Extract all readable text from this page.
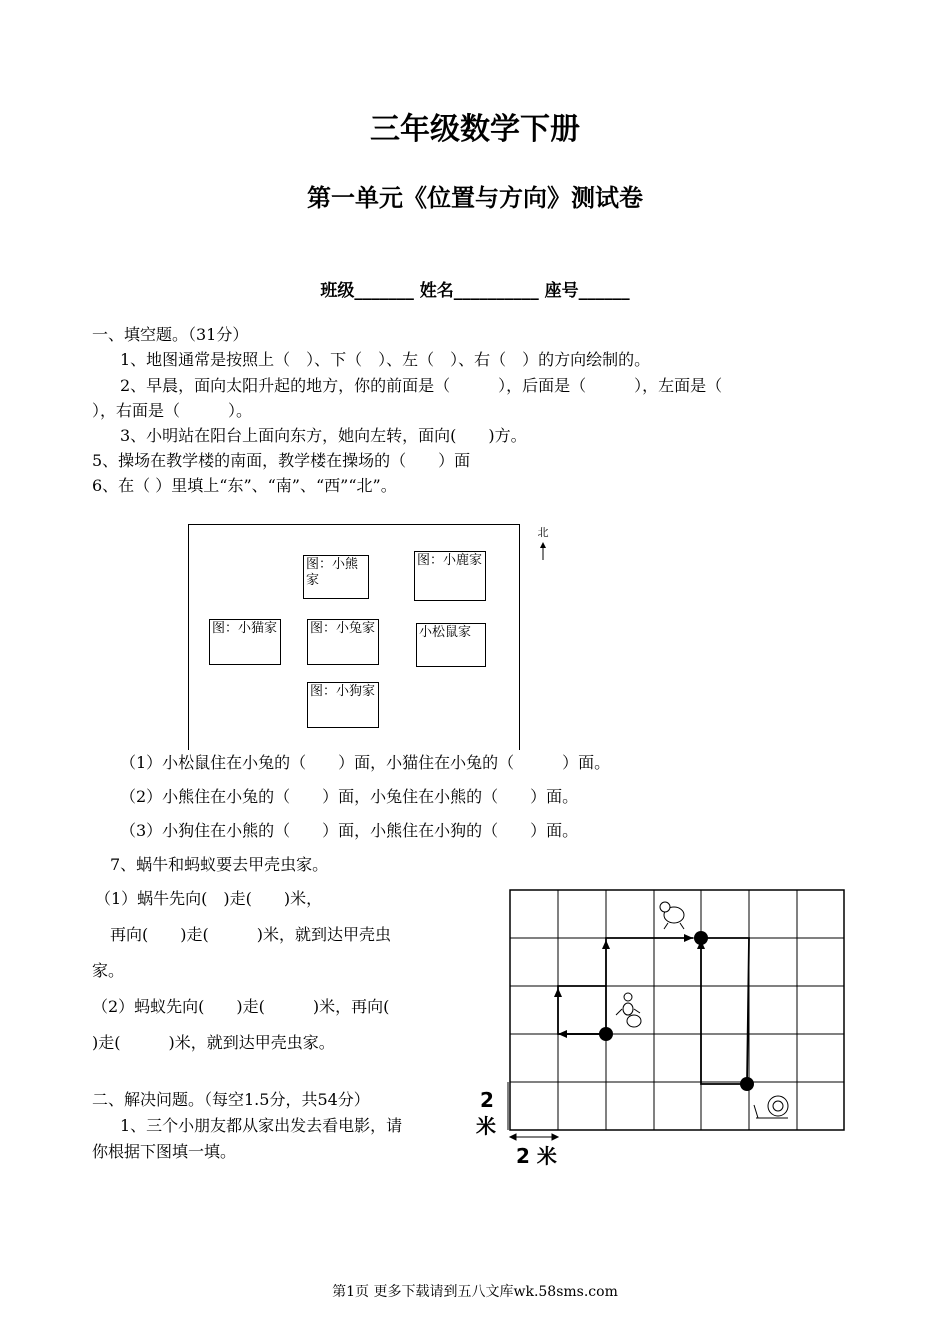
三年级数学下册
第一单元《位置与方向》测试卷
班级_______ 姓名__________ 座号______
一、填空题。（31分）
1、地图通常是按照上（　）、下（　）、左（　）、右（　）的方向绘制的。
2、早晨，面向太阳升起的地方，你的前面是（　　　），后面是（　　　），左面是（
），右面是（　　　）。
3、小明站在阳台上面向东方，她向左转，面向(　　)方。
5、操场在教学楼的南面，教学楼在操场的（　　）面
6、在（ ）里填上“东”、“南”、“西”“北”。
图：小熊家
图：小鹿家
图：小猫家	图：小兔家	小松鼠家
图：小狗家
北
（1）小松鼠住在小兔的（　　）面，小猫住在小兔的（　　　）面。
（2）小熊住在小兔的（　　）面，小兔住在小熊的（　　）面。
（3）小狗住在小熊的（　　）面，小熊住在小狗的（　　）面。
7、蜗牛和蚂蚁要去甲壳虫家。
（1）蜗牛先向(　)走(　　)米，
再向(　　)走(　　　)米，就到达甲壳虫
家。
（2）蚂蚁先向(　　)走(　　　)米，再向(
)走(　　　)米，就到达甲壳虫家。
2
米
2 米
二、解决问题。（每空1.5分，共54分）
1、三个小朋友都从家出发去看电影，请
你根据下图填一填。
第1页 更多下载请到五八文库wk.58sms.com
